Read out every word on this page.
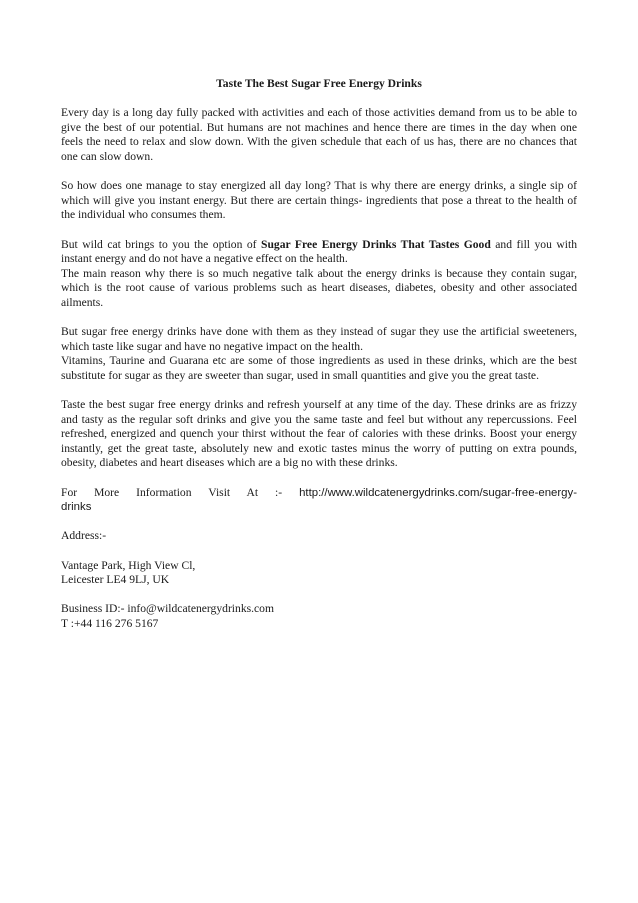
Taste The Best Sugar Free Energy Drinks

Every day is a long day fully packed with activities and each of those activities demand from us to be able to give the best of our potential. But humans are not machines and hence there are times in the day when one feels the need to relax and slow down. With the given schedule that each of us has, there are no chances that one can slow down.

So how does one manage to stay energized all day long? That is why there are energy drinks, a single sip of which will give you instant energy. But there are certain things- ingredients that pose a threat to the health of the individual who consumes them.

But wild cat brings to you the option of Sugar Free Energy Drinks That Tastes Good and fill you with instant energy and do not have a negative effect on the health.

The main reason why there is so much negative talk about the energy drinks is because they contain sugar, which is the root cause of various problems such as heart diseases, diabetes, obesity and other associated ailments.

But sugar free energy drinks have done with them as they instead of sugar they use the artificial sweeteners, which taste like sugar and have no negative impact on the health.

Vitamins, Taurine and Guarana etc are some of those ingredients as used in these drinks, which are the best substitute for sugar as they are sweeter than sugar, used in small quantities and give you the great taste.

Taste the best sugar free energy drinks and refresh yourself at any time of the day. These drinks are as frizzy and tasty as the regular soft drinks and give you the same taste and feel but without any repercussions. Feel refreshed, energized and quench your thirst without the fear of calories with these drinks. Boost your energy instantly, get the great taste, absolutely new and exotic tastes minus the worry of putting on extra pounds, obesity, diabetes and heart diseases which are a big no with these drinks.

For More Information Visit At :- http://www.wildcatenergydrinks.com/sugar-free-energy-drinks

Address:-

Vantage Park, High View Cl,

Leicester LE4 9LJ, UK

Business ID:- info@wildcatenergydrinks.com

T :+44 116 276 5167
